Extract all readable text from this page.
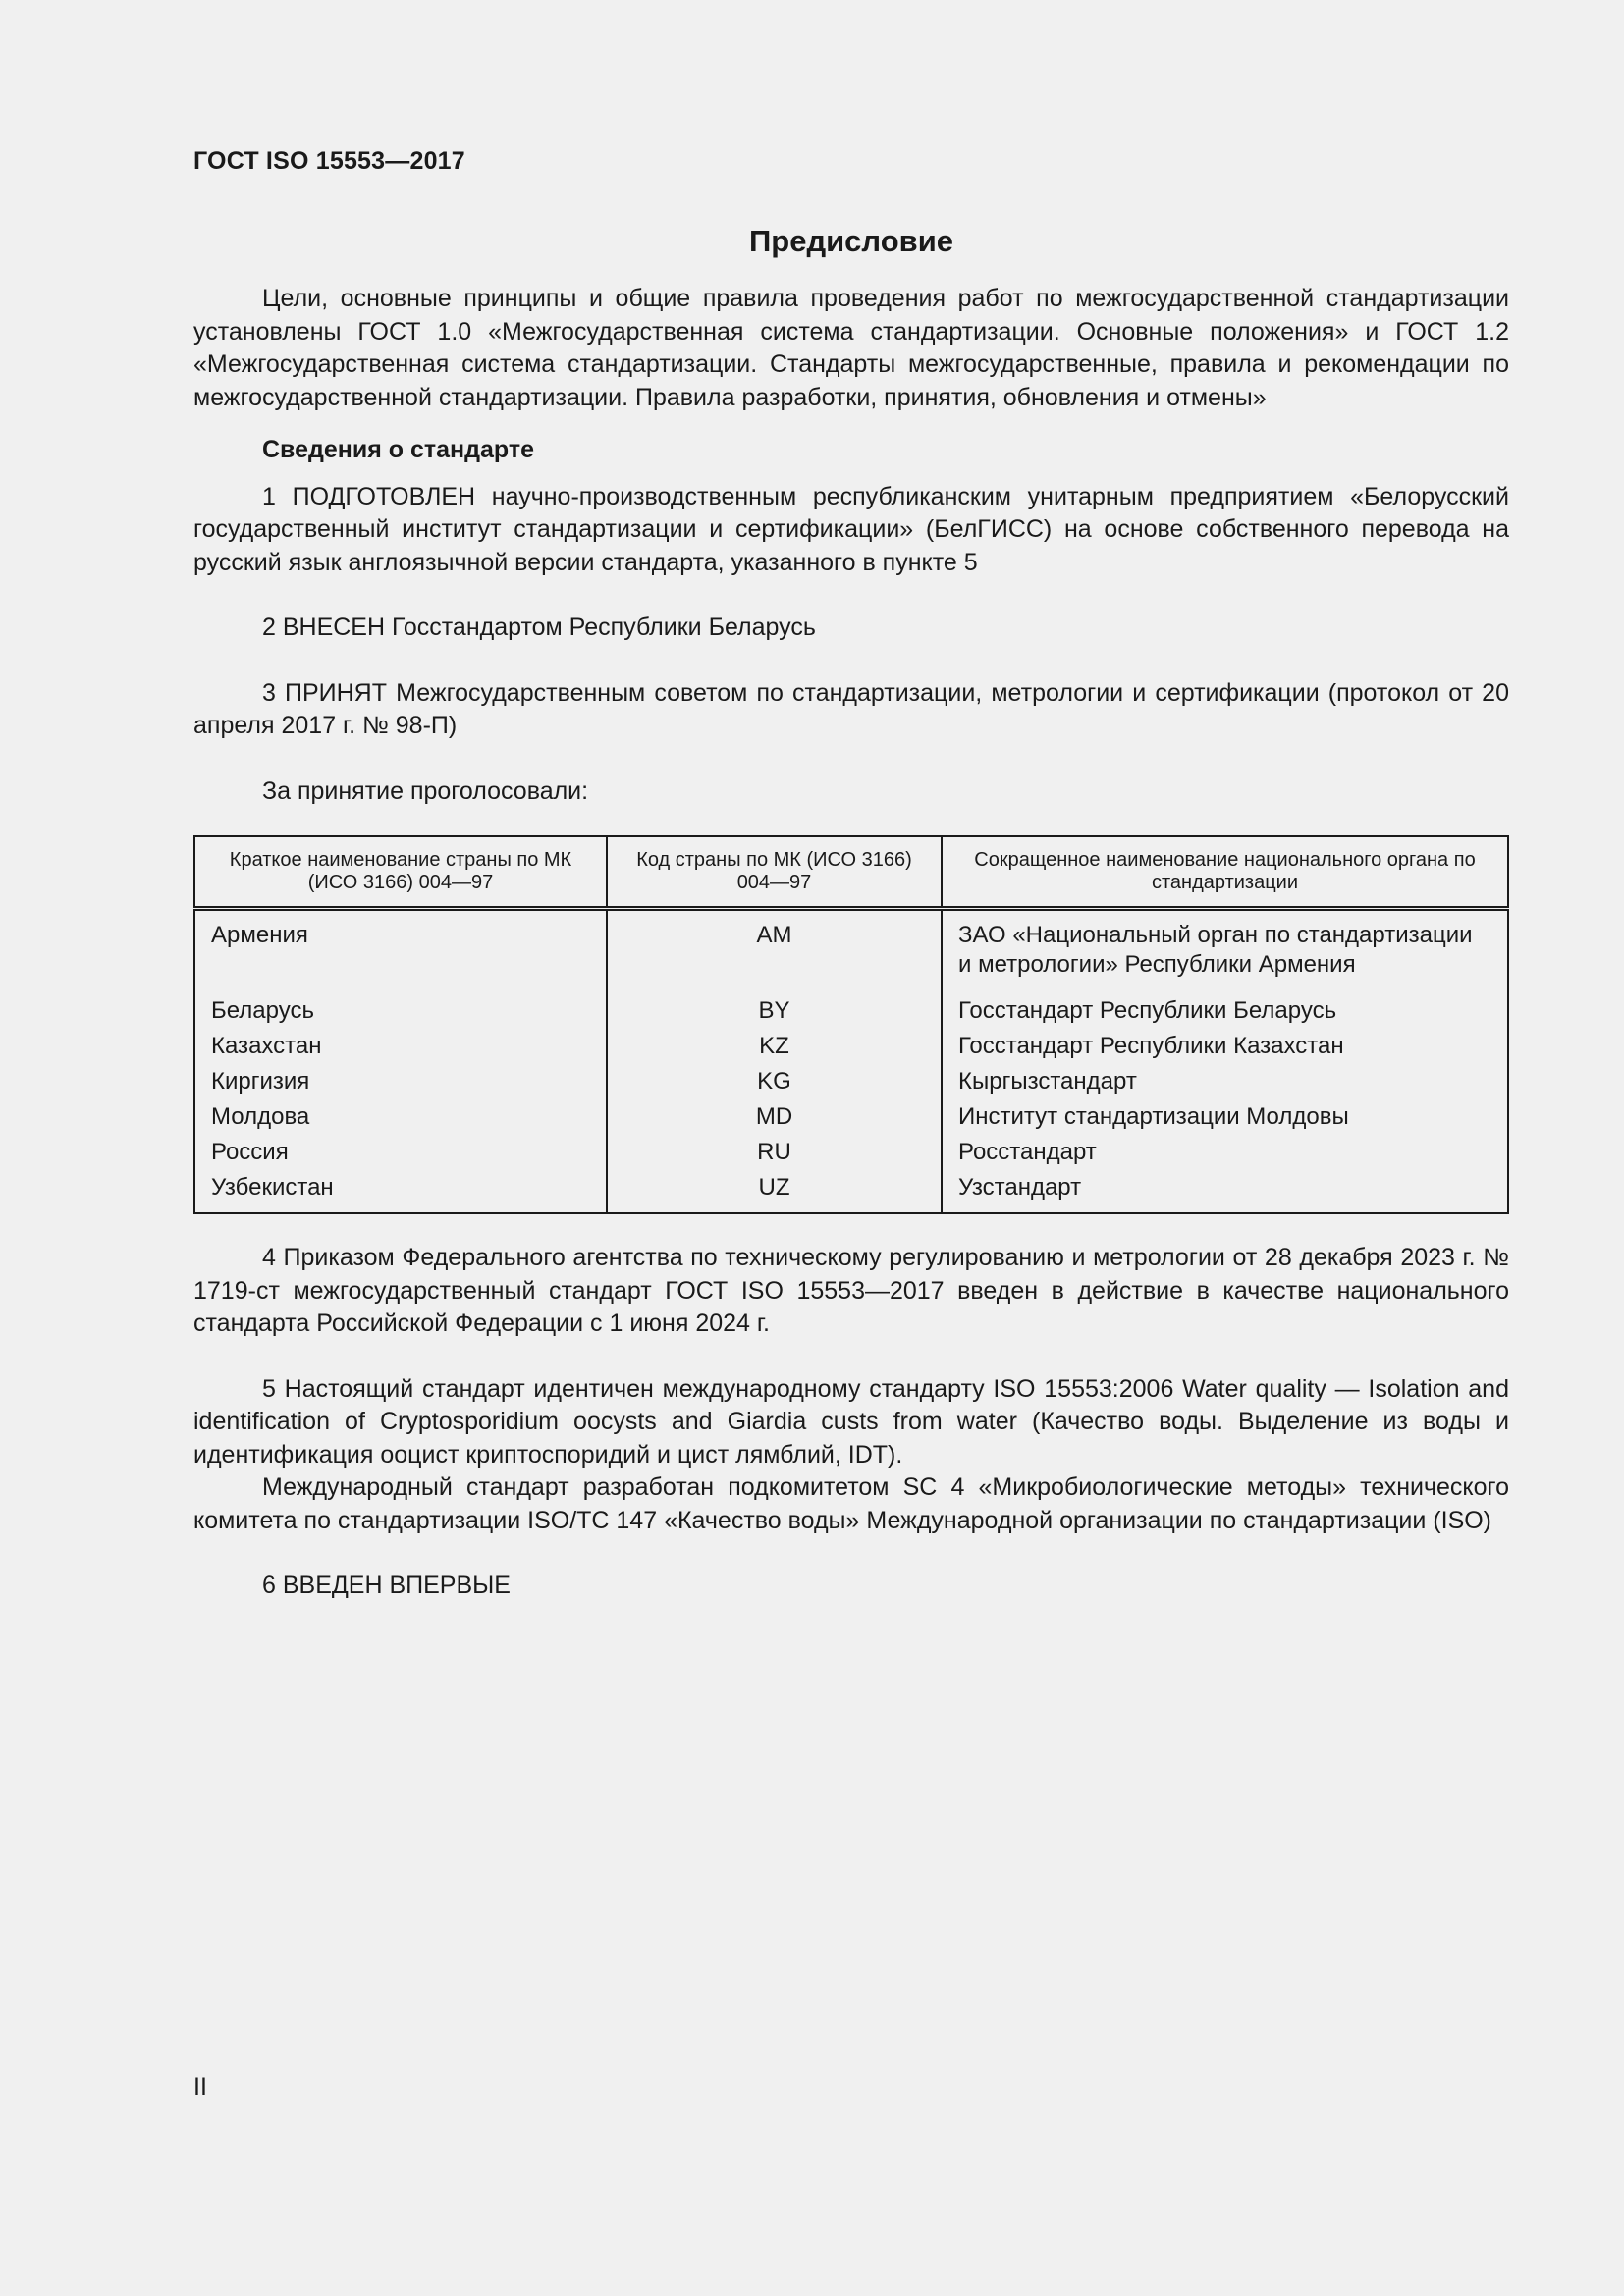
ГОСТ ISO 15553—2017
Предисловие

Цели, основные принципы и общие правила проведения работ по межгосударственной стандартизации установлены ГОСТ 1.0 «Межгосударственная система стандартизации. Основные положения» и ГОСТ 1.2 «Межгосударственная система стандартизации. Стандарты межгосударственные, правила и рекомендации по межгосударственной стандартизации. Правила разработки, принятия, обновления и отмены»

Сведения о стандарте

1 ПОДГОТОВЛЕН научно-производственным республиканским унитарным предприятием «Белорусский государственный институт стандартизации и сертификации» (БелГИСС) на основе собственного перевода на русский язык англоязычной версии стандарта, указанного в пункте 5

2 ВНЕСЕН Госстандартом Республики Беларусь

3 ПРИНЯТ Межгосударственным советом по стандартизации, метрологии и сертификации (протокол от 20 апреля 2017 г. № 98-П)

За принятие проголосовали:

Краткое наименование страны по МК (ИСО 3166) 004—97	Код страны по МК (ИСО 3166) 004—97	Сокращенное наименование национального органа по стандартизации
Армения	AM	ЗАО «Национальный орган по стандартизации и метрологии» Республики Армения
Беларусь	BY	Госстандарт Республики Беларусь
Казахстан	KZ	Госстандарт Республики Казахстан
Киргизия	KG	Кыргызстандарт
Молдова	MD	Институт стандартизации Молдовы
Россия	RU	Росстандарт
Узбекистан	UZ	Узстандарт

4 Приказом Федерального агентства по техническому регулированию и метрологии от 28 декабря 2023 г. № 1719-ст межгосударственный стандарт ГОСТ ISO 15553—2017 введен в действие в качестве национального стандарта Российской Федерации с 1 июня 2024 г.

5 Настоящий стандарт идентичен международному стандарту ISO 15553:2006 Water quality — Isolation and identification of Cryptosporidium oocysts and Giardia custs from water (Качество воды. Выделение из воды и идентификация ооцист криптоспоридий и цист лямблий, IDT).

Международный стандарт разработан подкомитетом SC 4 «Микробиологические методы» технического комитета по стандартизации ISO/TC 147 «Качество воды» Международной организации по стандартизации (ISO)

6 ВВЕДЕН ВПЕРВЫЕ

II
